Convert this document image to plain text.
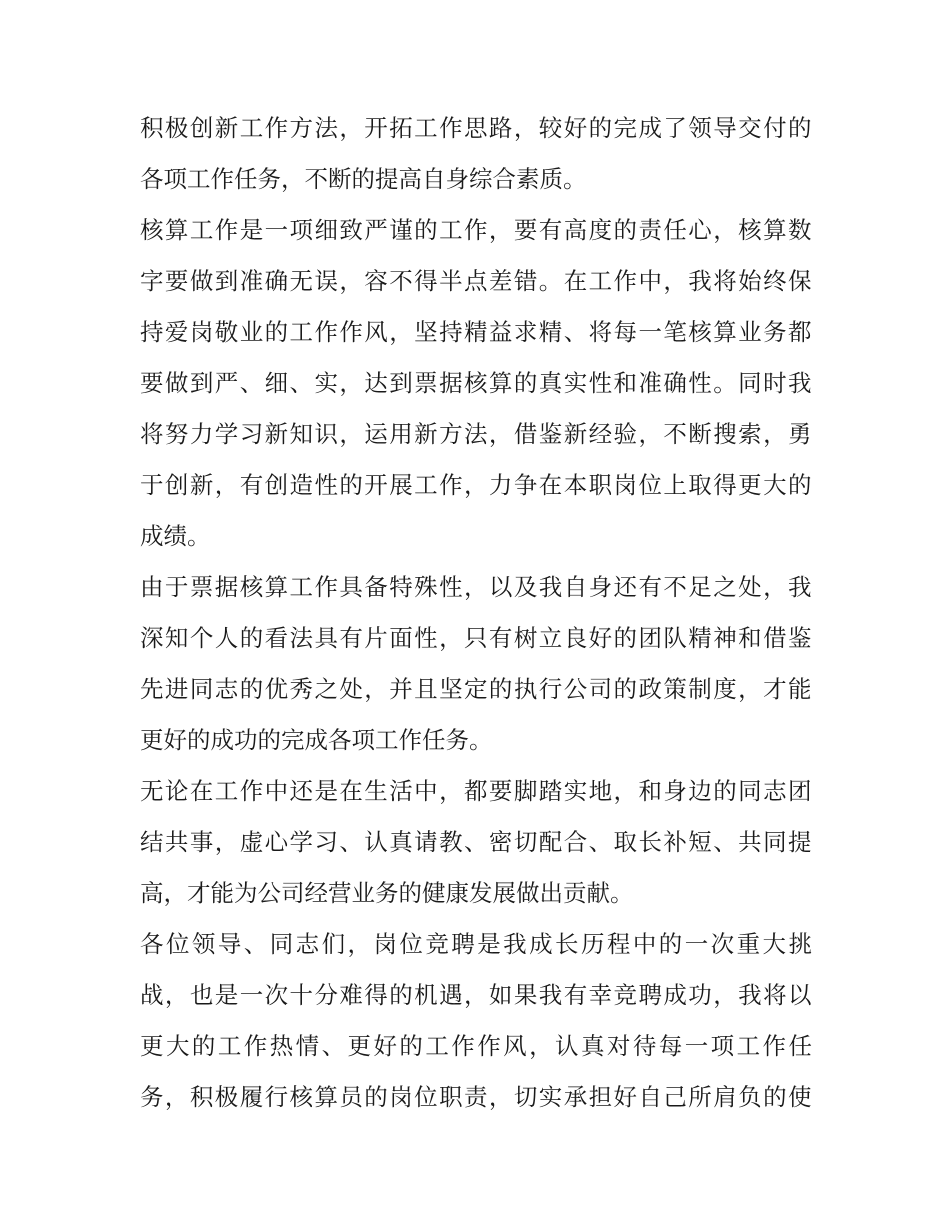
积极创新工作方法，开拓工作思路，较好的完成了领导交付的
各项工作任务，不断的提高自身综合素质。
核算工作是一项细致严谨的工作，要有高度的责任心，核算数
字要做到准确无误，容不得半点差错。在工作中，我将始终保
持爱岗敬业的工作作风，坚持精益求精、将每一笔核算业务都
要做到严、细、实，达到票据核算的真实性和准确性。同时我
将努力学习新知识，运用新方法，借鉴新经验，不断搜索，勇
于创新，有创造性的开展工作，力争在本职岗位上取得更大的
成绩。
由于票据核算工作具备特殊性，以及我自身还有不足之处，我
深知个人的看法具有片面性，只有树立良好的团队精神和借鉴
先进同志的优秀之处，并且坚定的执行公司的政策制度，才能
更好的成功的完成各项工作任务。
无论在工作中还是在生活中，都要脚踏实地，和身边的同志团
结共事，虚心学习、认真请教、密切配合、取长补短、共同提
高，才能为公司经营业务的健康发展做出贡献。
各位领导、同志们，岗位竞聘是我成长历程中的一次重大挑
战，也是一次十分难得的机遇，如果我有幸竞聘成功，我将以
更大的工作热情、更好的工作作风，认真对待每一项工作任
务，积极履行核算员的岗位职责，切实承担好自己所肩负的使
